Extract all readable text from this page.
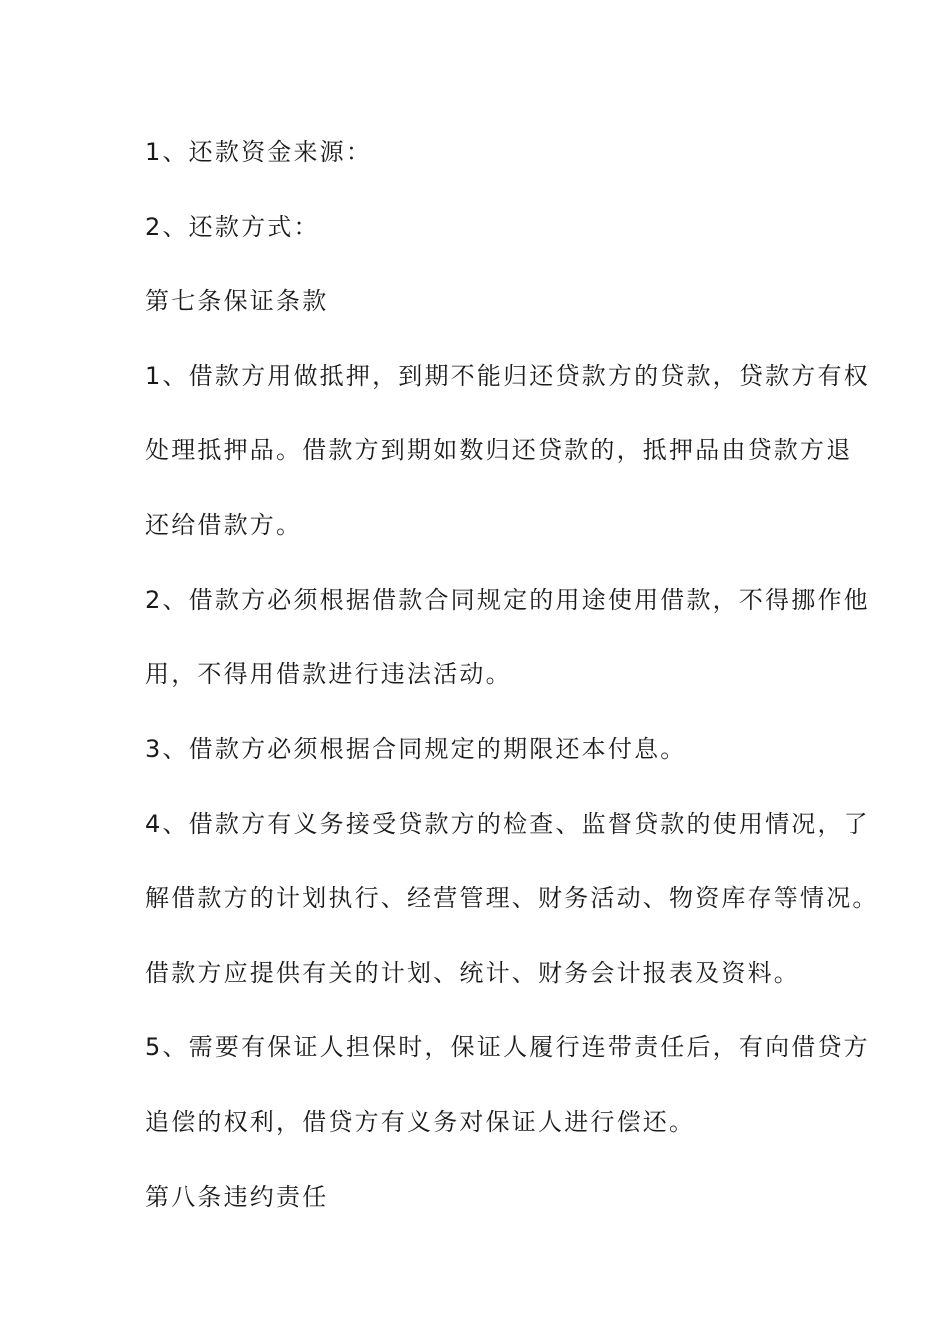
1、还款资金来源：
2、还款方式：
第七条保证条款
1、借款方用做抵押，到期不能归还贷款方的贷款，贷款方有权
处理抵押品。借款方到期如数归还贷款的，抵押品由贷款方退
还给借款方。
2、借款方必须根据借款合同规定的用途使用借款，不得挪作他
用，不得用借款进行违法活动。
3、借款方必须根据合同规定的期限还本付息。
4、借款方有义务接受贷款方的检查、监督贷款的使用情况，了
解借款方的计划执行、经营管理、财务活动、物资库存等情况。
借款方应提供有关的计划、统计、财务会计报表及资料。
5、需要有保证人担保时，保证人履行连带责任后，有向借贷方
追偿的权利，借贷方有义务对保证人进行偿还。
第八条违约责任
